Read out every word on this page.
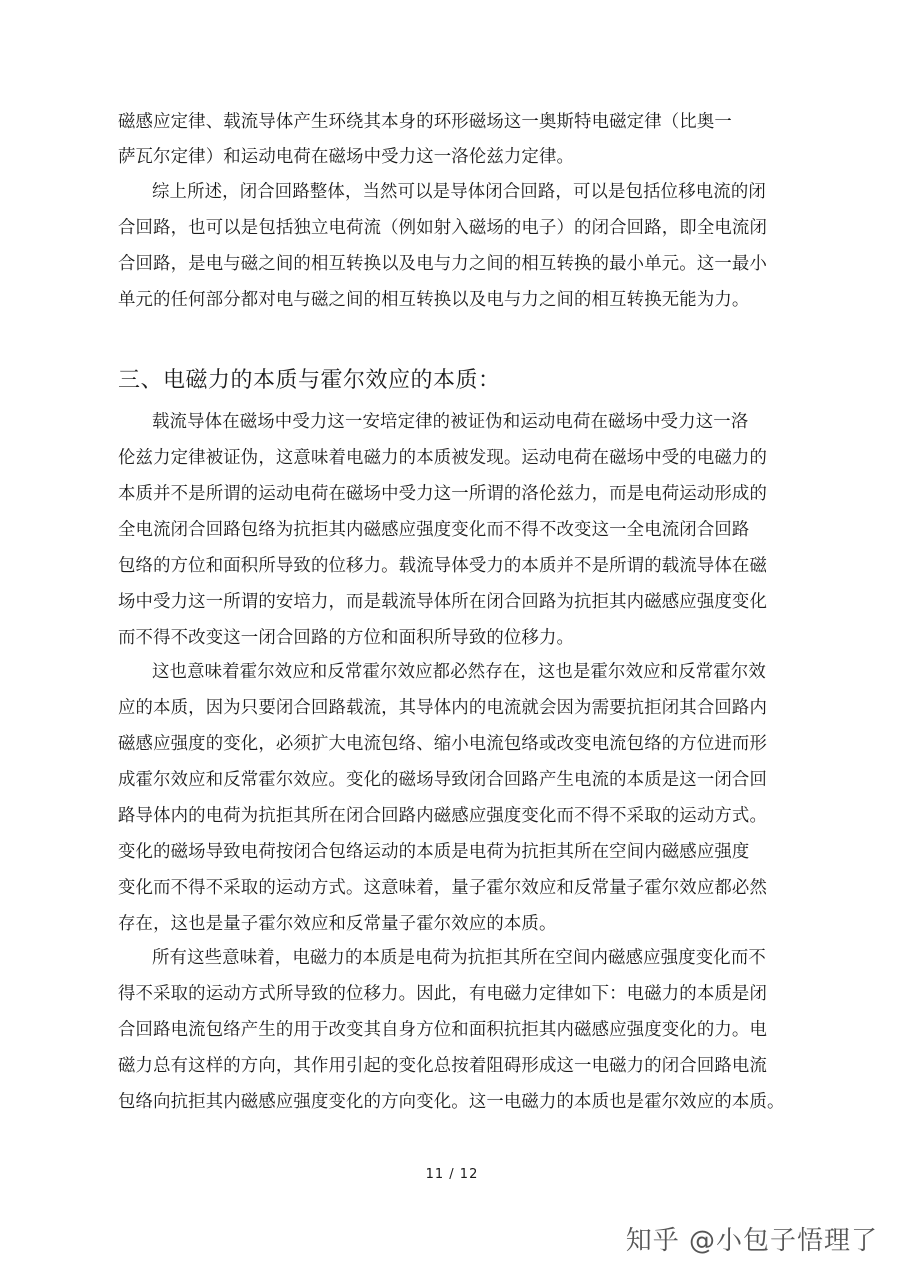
磁感应定律、载流导体产生环绕其本身的环形磁场这一奥斯特电磁定律（比奥一
萨瓦尔定律）和运动电荷在磁场中受力这一洛伦兹力定律。
综上所述，闭合回路整体，当然可以是导体闭合回路，可以是包括位移电流的闭
合回路，也可以是包括独立电荷流（例如射入磁场的电子）的闭合回路，即全电流闭
合回路，是电与磁之间的相互转换以及电与力之间的相互转换的最小单元。这一最小
单元的任何部分都对电与磁之间的相互转换以及电与力之间的相互转换无能为力。
三、电磁力的本质与霍尔效应的本质：
载流导体在磁场中受力这一安培定律的被证伪和运动电荷在磁场中受力这一洛
伦兹力定律被证伪，这意味着电磁力的本质被发现。运动电荷在磁场中受的电磁力的
本质并不是所谓的运动电荷在磁场中受力这一所谓的洛伦兹力，而是电荷运动形成的
全电流闭合回路包络为抗拒其内磁感应强度变化而不得不改变这一全电流闭合回路
包络的方位和面积所导致的位移力。载流导体受力的本质并不是所谓的载流导体在磁
场中受力这一所谓的安培力，而是载流导体所在闭合回路为抗拒其内磁感应强度变化
而不得不改变这一闭合回路的方位和面积所导致的位移力。
这也意味着霍尔效应和反常霍尔效应都必然存在，这也是霍尔效应和反常霍尔效
应的本质，因为只要闭合回路载流，其导体内的电流就会因为需要抗拒闭其合回路内
磁感应强度的变化，必须扩大电流包络、缩小电流包络或改变电流包络的方位进而形
成霍尔效应和反常霍尔效应。变化的磁场导致闭合回路产生电流的本质是这一闭合回
路导体内的电荷为抗拒其所在闭合回路内磁感应强度变化而不得不采取的运动方式。
变化的磁场导致电荷按闭合包络运动的本质是电荷为抗拒其所在空间内磁感应强度
变化而不得不采取的运动方式。这意味着，量子霍尔效应和反常量子霍尔效应都必然
存在，这也是量子霍尔效应和反常量子霍尔效应的本质。
所有这些意味着，电磁力的本质是电荷为抗拒其所在空间内磁感应强度变化而不
得不采取的运动方式所导致的位移力。因此，有电磁力定律如下：电磁力的本质是闭
合回路电流包络产生的用于改变其自身方位和面积抗拒其内磁感应强度变化的力。电
磁力总有这样的方向，其作用引起的变化总按着阻碍形成这一电磁力的闭合回路电流
包络向抗拒其内磁感应强度变化的方向变化。这一电磁力的本质也是霍尔效应的本质。
11 / 12
知乎 @小包子悟理了
